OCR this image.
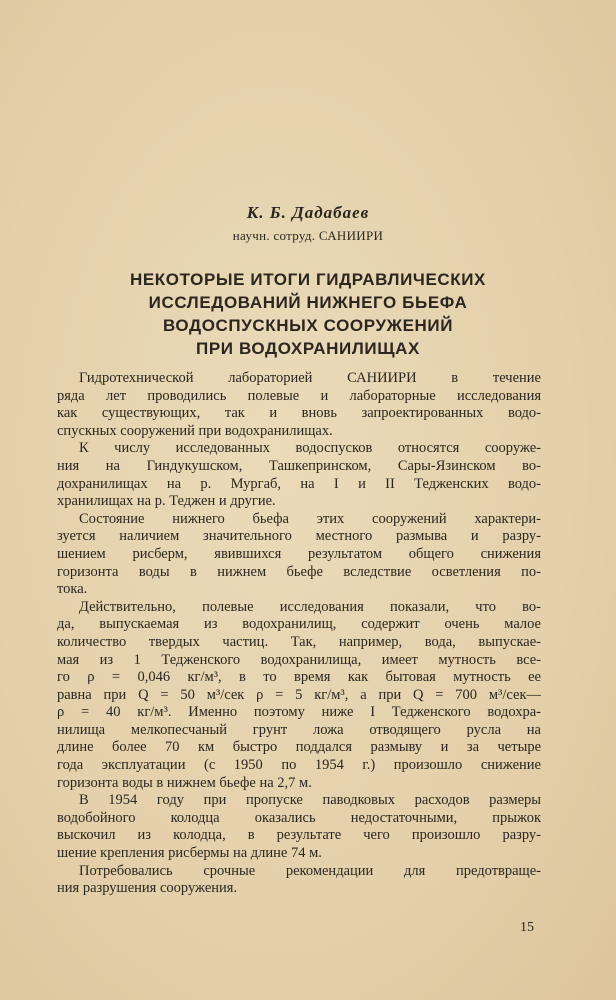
К. Б. Дадабаев
научн. сотруд. САНИИРИ
НЕКОТОРЫЕ ИТОГИ ГИДРАВЛИЧЕСКИХ
ИССЛЕДОВАНИЙ НИЖНЕГО БЬЕФА
ВОДОСПУСКНЫХ СООРУЖЕНИЙ
ПРИ ВОДОХРАНИЛИЩАХ
Гидротехнической лабораторией САНИИРИ в течение
ряда лет проводились полевые и лабораторные исследования
как существующих, так и вновь запроектированных водо-
спускных сооружений при водохранилищах.
К числу исследованных водоспусков относятся сооруже-
ния на Гиндукушском, Ташкепринском, Сары-Язинском во-
дохранилищах на р. Мургаб, на I и II Тедженских водо-
хранилищах на р. Теджен и другие.
Состояние нижнего бьефа этих сооружений характери-
зуется наличием значительного местного размыва и разру-
шением рисберм, явившихся результатом общего снижения
горизонта воды в нижнем бьефе вследствие осветления по-
тока.
Действительно, полевые исследования показали, что во-
да, выпускаемая из водохранилищ, содержит очень малое
количество твердых частиц. Так, например, вода, выпускае-
мая из 1 Тедженского водохранилища, имеет мутность все-
го ρ = 0,046 кг/м³, в то время как бытовая мутность ее
равна при Q = 50 м³/сек ρ = 5 кг/м³, а при Q = 700 м³/сек—
ρ = 40 кг/м³. Именно поэтому ниже I Тедженского водохра-
нилища мелкопесчаный грунт ложа отводящего русла на
длине более 70 км быстро поддался размыву и за четыре
года эксплуатации (с 1950 по 1954 г.) произошло снижение
горизонта воды в нижнем бьефе на 2,7 м.
В 1954 году при пропуске паводковых расходов размеры
водобойного колодца оказались недостаточными, прыжок
выскочил из колодца, в результате чего произошло разру-
шение крепления рисбермы на длине 74 м.
Потребовались срочные рекомендации для предотвраще-
ния разрушения сооружения.
15
